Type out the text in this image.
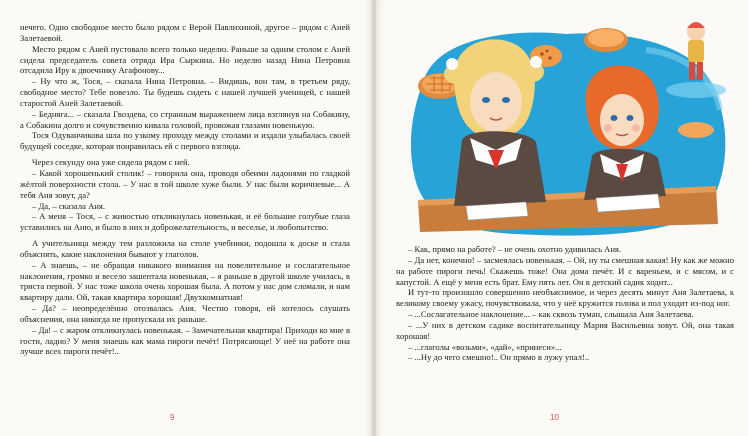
нечего. Одно свободное место было рядом с Верой Павлихиной, другое – рядом с Аней Залетаевой.

Место рядом с Аней пустовало всего только неделю. Раньше за одним столом с Аней сидела председатель совета отряда Ира Сыркина. Но неделю назад Нина Петровна отсадила Иру к двоечнику Агафонову...

– Ну что ж, Тося, – сказала Нина Петровна. – Видишь, вон там, в третьем ряду, свободное место? Тебе повезло. Ты будешь сидеть с нашей лучшей ученицей, с нашей старостой Аней Залетаевой.

– Бедняга... – сказала Гвоздева, со странным выражением лица взглянув на Собакину, а Собакина долго и сочувственно кивала головой, провожая глазами новенькую.

Тося Одуванчикова шла по узкому проходу между столами и издали улыбалась своей будущей соседке, которая понравилась ей с первого взгляда.

Через секунду она уже сидела рядом с ней.

– Какой хорошенький столик! – говорила она, проводя обеими ладонями по гладкой жёлтой поверхности стола. – У нас в той школе хуже были. У нас были коричневые... А тебя Аня зовут, да?

– Да, – сказала Аня.

– А меня – Тося, – с живостью откликнулась новенькая, и её большие голубые глаза уставились на Аню, и было в них и доброжелательность, и веселье, и любопытство.

А учительница между тем разложила на столе учебники, подошла к доске и стала объяснять, какие наклонения бывают у глаголов.

– А знаешь, – не обращая никакого внимания на повелительное и сослагательное наклонения, громко и весело зашептала новенькая, – я раньше в другой школе училась, в триста первой. У нас тоже школа очень хорошая была. А потом у нас дом сломали, и нам квартиру дали. Ой, такая квартира хорошая! Двухкомнатная!

– Да? – неопределённо отозвалась Аня. Честно говоря, ей хотелось слушать объяснения, она никогда не пропускала их раньше.

– Да! – с жаром откликнулась новенькая. – Замечательная квартира! Приходи ко мне в гости, ладно? У меня знаешь как мама пироги печёт! Потрясающе! У неё на работе она лучше всех пироги печёт!..

9

– Как, прямо на работе? – не очень охотно удивилась Аня.

– Да нет, конечно! – засмеялась новенькая. – Ой, ну ты смешная какая! Ну как же можно на работе пироги печь! Скажешь тоже! Она дома печёт. И с вареньем, и с мясом, и с капустой. А ещё у меня есть брат. Ему пять лет. Он в детский садик ходит...

И тут-то произошло совершенно необъяснимое, и через десять минут Аня Залетаева, к великому своему ужасу, почувствовала, что у неё кружится голова и пол уходит из-под ног.

– ...Сослагательное наклонение... – как сквозь туман, слышала Аня Залетаева.

– ...У них в детском садике воспитательницу Мария Васильевна зовут. Ой, она такая хорошая!

– ...глаголы «возьми», «дай», «принеси»...

– ...Ну до чего смешно!.. Он прямо в лужу упал!..

10
